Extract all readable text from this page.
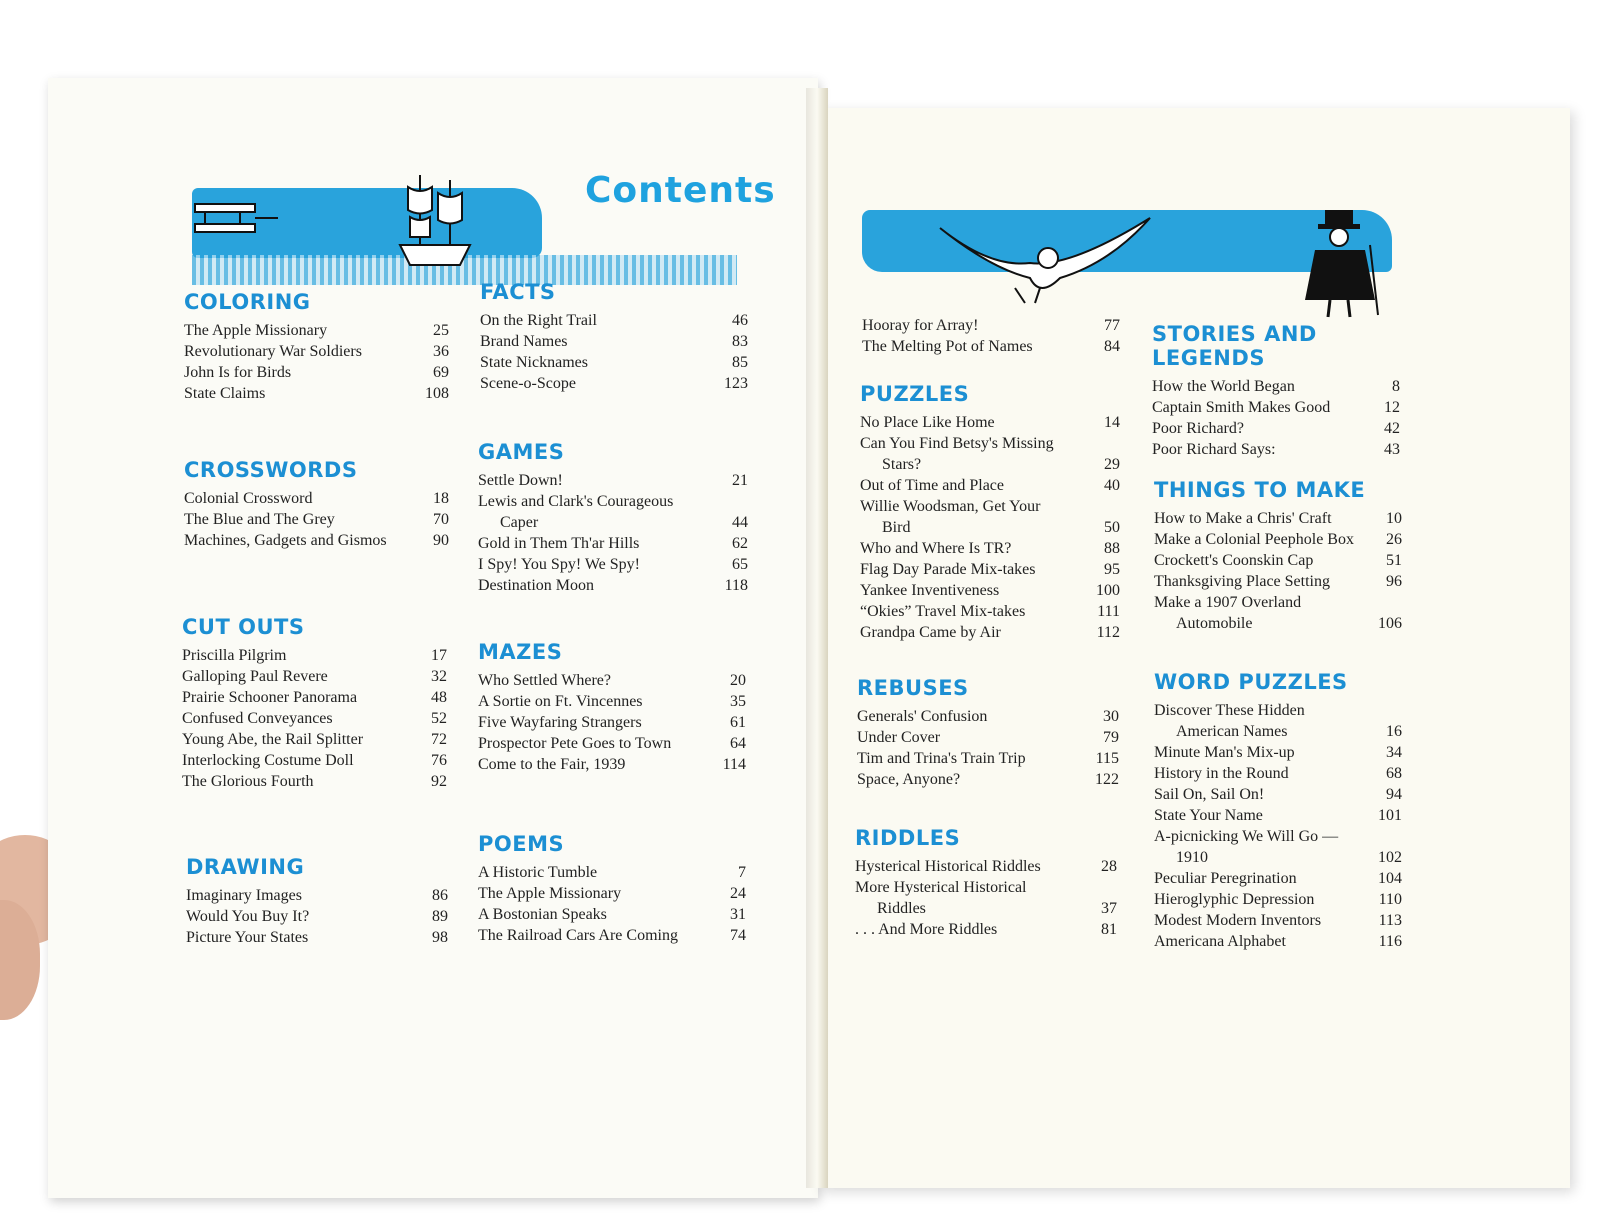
Contents
COLORING
The Apple Missionary	25
Revolutionary War Soldiers	36
John Is for Birds	69
State Claims	108
CROSSWORDS
Colonial Crossword	18
The Blue and The Grey	70
Machines, Gadgets and Gismos	90
CUT OUTS
Priscilla Pilgrim	17
Galloping Paul Revere	32
Prairie Schooner Panorama	48
Confused Conveyances	52
Young Abe, the Rail Splitter	72
Interlocking Costume Doll	76
The Glorious Fourth	92
DRAWING
Imaginary Images	86
Would You Buy It?	89
Picture Your States	98
FACTS
On the Right Trail	46
Brand Names	83
State Nicknames	85
Scene-o-Scope	123
GAMES
Settle Down!	21
Lewis and Clark's Courageous
Caper	44
Gold in Them Th'ar Hills	62
I Spy! You Spy! We Spy!	65
Destination Moon	118
MAZES
Who Settled Where?	20
A Sortie on Ft. Vincennes	35
Five Wayfaring Strangers	61
Prospector Pete Goes to Town	64
Come to the Fair, 1939	114
POEMS
A Historic Tumble	7
The Apple Missionary	24
A Bostonian Speaks	31
The Railroad Cars Are Coming	74
Hooray for Array!	77
The Melting Pot of Names	84
PUZZLES
No Place Like Home	14
Can You Find Betsy's Missing
Stars?	29
Out of Time and Place	40
Willie Woodsman, Get Your
Bird	50
Who and Where Is TR?	88
Flag Day Parade Mix-takes	95
Yankee Inventiveness	100
“Okies” Travel Mix-takes	111
Grandpa Came by Air	112
REBUSES
Generals' Confusion	30
Under Cover	79
Tim and Trina's Train Trip	115
Space, Anyone?	122
RIDDLES
Hysterical Historical Riddles	28
More Hysterical Historical
Riddles	37
. . . And More Riddles	81
STORIES AND LEGENDS
How the World Began	8
Captain Smith Makes Good	12
Poor Richard?	42
Poor Richard Says:	43
THINGS TO MAKE
How to Make a Chris' Craft	10
Make a Colonial Peephole Box	26
Crockett's Coonskin Cap	51
Thanksgiving Place Setting	96
Make a 1907 Overland
Automobile	106
WORD PUZZLES
Discover These Hidden
American Names	16
Minute Man's Mix-up	34
History in the Round	68
Sail On, Sail On!	94
State Your Name	101
A-picnicking We Will Go —
1910	102
Peculiar Peregrination	104
Hieroglyphic Depression	110
Modest Modern Inventors	113
Americana Alphabet	116
